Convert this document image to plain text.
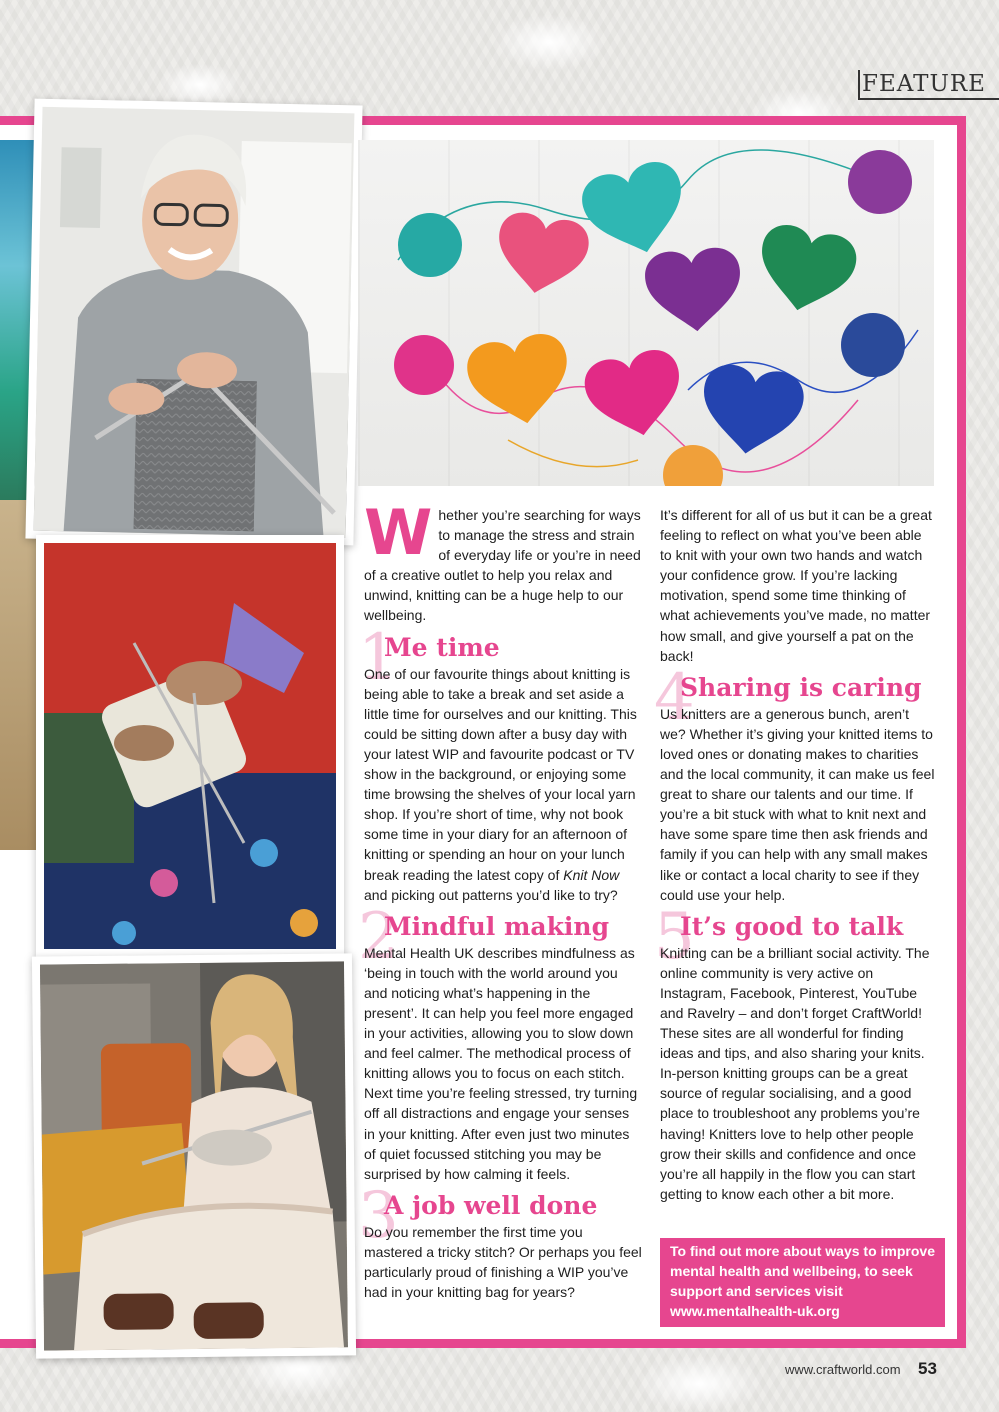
FEATURE

Whether you’re searching for ways to manage the stress and strain of everyday life or you’re in need of a creative outlet to help you relax and unwind, knitting can be a huge help to our wellbeing.

1
Me time

One of our favourite things about knitting is being able to take a break and set aside a little time for ourselves and our knitting. This could be sitting down after a busy day with your latest WIP and favourite podcast or TV show in the background, or enjoying some time browsing the shelves of your local yarn shop. If you’re short of time, why not book some time in your diary for an afternoon of knitting or spending an hour on your lunch break reading the latest copy of Knit Now and picking out patterns you’d like to try?

2
Mindful making

Mental Health UK describes mindfulness as ‘being in touch with the world around you and noticing what’s happening in the present’. It can help you feel more engaged in your activities, allowing you to slow down and feel calmer. The methodical process of knitting allows you to focus on each stitch. Next time you’re feeling stressed, try turning off all distractions and engage your senses in your knitting. After even just two minutes of quiet focussed stitching you may be surprised by how calming it feels.

3
A job well done

Do you remember the first time you mastered a tricky stitch? Or perhaps you feel particularly proud of finishing a WIP you’ve had in your knitting bag for years?

It’s different for all of us but it can be a great feeling to reflect on what you’ve been able to knit with your own two hands and watch your confidence grow. If you’re lacking motivation, spend some time thinking of what achievements you’ve made, no matter how small, and give yourself a pat on the back!

4
Sharing is caring

Us knitters are a generous bunch, aren’t we? Whether it’s giving your knitted items to loved ones or donating makes to charities and the local community, it can make us feel great to share our talents and our time. If you’re a bit stuck with what to knit next and have some spare time then ask friends and family if you can help with any small makes like or contact a local charity to see if they could use your help.

5
It’s good to talk

Knitting can be a brilliant social activity. The online community is very active on Instagram, Facebook, Pinterest, YouTube and Ravelry – and don’t forget CraftWorld! These sites are all wonderful for finding ideas and tips, and also sharing your knits. In-person knitting groups can be a great source of regular socialising, and a good place to troubleshoot any problems you’re having! Knitters love to help other people grow their skills and confidence and once you’re all happily in the flow you can start getting to know each other a bit more.

To find out more about ways to improve mental health and wellbeing, to seek support and services visit www.mentalhealth-uk.org
www.craftworld.com 53
